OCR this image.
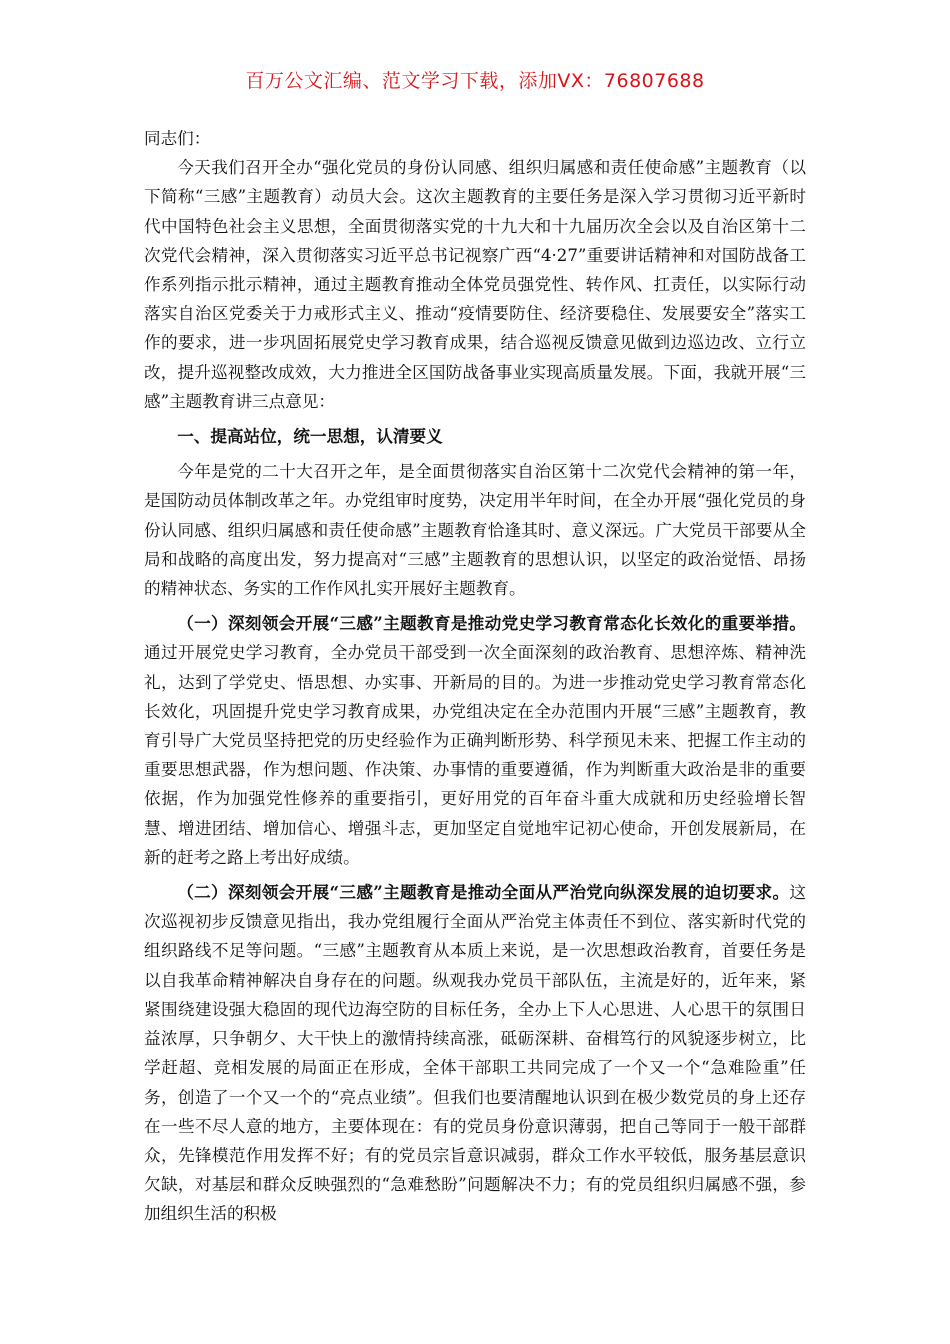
百万公文汇编、范文学习下载，添加VX：76807688

同志们：

今天我们召开全办“强化党员的身份认同感、组织归属感和责任使命感”主题教育（以下简称“三感”主题教育）动员大会。这次主题教育的主要任务是深入学习贯彻习近平新时代中国特色社会主义思想，全面贯彻落实党的十九大和十九届历次全会以及自治区第十二次党代会精神，深入贯彻落实习近平总书记视察广西“4·27”重要讲话精神和对国防战备工作系列指示批示精神，通过主题教育推动全体党员强党性、转作风、扛责任，以实际行动落实自治区党委关于力戒形式主义、推动“疫情要防住、经济要稳住、发展要安全”落实工作的要求，进一步巩固拓展党史学习教育成果，结合巡视反馈意见做到边巡边改、立行立改，提升巡视整改成效，大力推进全区国防战备事业实现高质量发展。下面，我就开展“三感”主题教育讲三点意见：

一、提高站位，统一思想，认清要义

今年是党的二十大召开之年，是全面贯彻落实自治区第十二次党代会精神的第一年，是国防动员体制改革之年。办党组审时度势，决定用半年时间，在全办开展“强化党员的身份认同感、组织归属感和责任使命感”主题教育恰逢其时、意义深远。广大党员干部要从全局和战略的高度出发，努力提高对“三感”主题教育的思想认识，以坚定的政治觉悟、昂扬的精神状态、务实的工作作风扎实开展好主题教育。

（一）深刻领会开展“三感”主题教育是推动党史学习教育常态化长效化的重要举措。通过开展党史学习教育，全办党员干部受到一次全面深刻的政治教育、思想淬炼、精神洗礼，达到了学党史、悟思想、办实事、开新局的目的。为进一步推动党史学习教育常态化长效化，巩固提升党史学习教育成果，办党组决定在全办范围内开展“三感”主题教育，教育引导广大党员坚持把党的历史经验作为正确判断形势、科学预见未来、把握工作主动的重要思想武器，作为想问题、作决策、办事情的重要遵循，作为判断重大政治是非的重要依据，作为加强党性修养的重要指引，更好用党的百年奋斗重大成就和历史经验增长智慧、增进团结、增加信心、增强斗志，更加坚定自觉地牢记初心使命，开创发展新局，在新的赶考之路上考出好成绩。

（二）深刻领会开展“三感”主题教育是推动全面从严治党向纵深发展的迫切要求。这次巡视初步反馈意见指出，我办党组履行全面从严治党主体责任不到位、落实新时代党的组织路线不足等问题。“三感”主题教育从本质上来说，是一次思想政治教育，首要任务是以自我革命精神解决自身存在的问题。纵观我办党员干部队伍，主流是好的，近年来，紧紧围绕建设强大稳固的现代边海空防的目标任务，全办上下人心思进、人心思干的氛围日益浓厚，只争朝夕、大干快上的激情持续高涨，砥砺深耕、奋楫笃行的风貌逐步树立，比学赶超、竞相发展的局面正在形成，全体干部职工共同完成了一个又一个“急难险重”任务，创造了一个又一个的“亮点业绩”。但我们也要清醒地认识到在极少数党员的身上还存在一些不尽人意的地方，主要体现在：有的党员身份意识薄弱，把自己等同于一般干部群众，先锋模范作用发挥不好；有的党员宗旨意识减弱，群众工作水平较低，服务基层意识欠缺，对基层和群众反映强烈的“急难愁盼”问题解决不力；有的党员组织归属感不强，参加组织生活的积极
